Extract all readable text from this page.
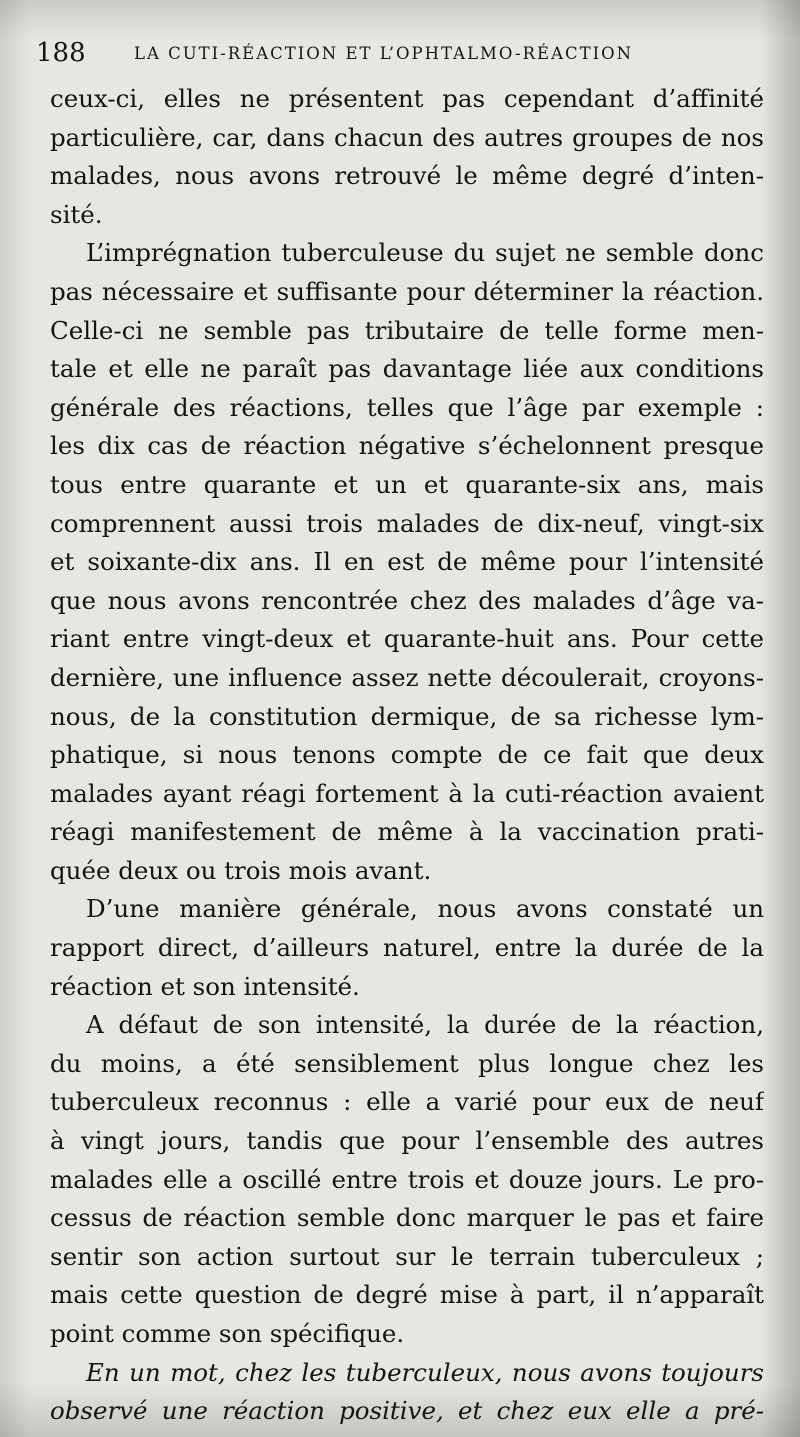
188	LA CUTI-RÉACTION ET L’OPHTALMO-RÉACTION
ceux-ci, elles ne présentent pas cependant d’affinité
particulière, car, dans chacun des autres groupes de nos
malades, nous avons retrouvé le même degré d’inten-
sité.
L’imprégnation tuberculeuse du sujet ne semble donc
pas nécessaire et suffisante pour déterminer la réaction.
Celle-ci ne semble pas tributaire de telle forme men-
tale et elle ne paraît pas davantage liée aux conditions
générale des réactions, telles que l’âge par exemple :
les dix cas de réaction négative s’échelonnent presque
tous entre quarante et un et quarante-six ans, mais
comprennent aussi trois malades de dix-neuf, vingt-six
et soixante-dix ans. Il en est de même pour l’intensité
que nous avons rencontrée chez des malades d’âge va-
riant entre vingt-deux et quarante-huit ans. Pour cette
dernière, une influence assez nette découlerait, croyons-
nous, de la constitution dermique, de sa richesse lym-
phatique, si nous tenons compte de ce fait que deux
malades ayant réagi fortement à la cuti-réaction avaient
réagi manifestement de même à la vaccination prati-
quée deux ou trois mois avant.
D’une manière générale, nous avons constaté un
rapport direct, d’ailleurs naturel, entre la durée de la
réaction et son intensité.
A défaut de son intensité, la durée de la réaction,
du moins, a été sensiblement plus longue chez les
tuberculeux reconnus : elle a varié pour eux de neuf
à vingt jours, tandis que pour l’ensemble des autres
malades elle a oscillé entre trois et douze jours. Le pro-
cessus de réaction semble donc marquer le pas et faire
sentir son action surtout sur le terrain tuberculeux ;
mais cette question de degré mise à part, il n’apparaît
point comme son spécifique.
En un mot, chez les tuberculeux, nous avons toujours
observé une réaction positive, et chez eux elle a pré-
